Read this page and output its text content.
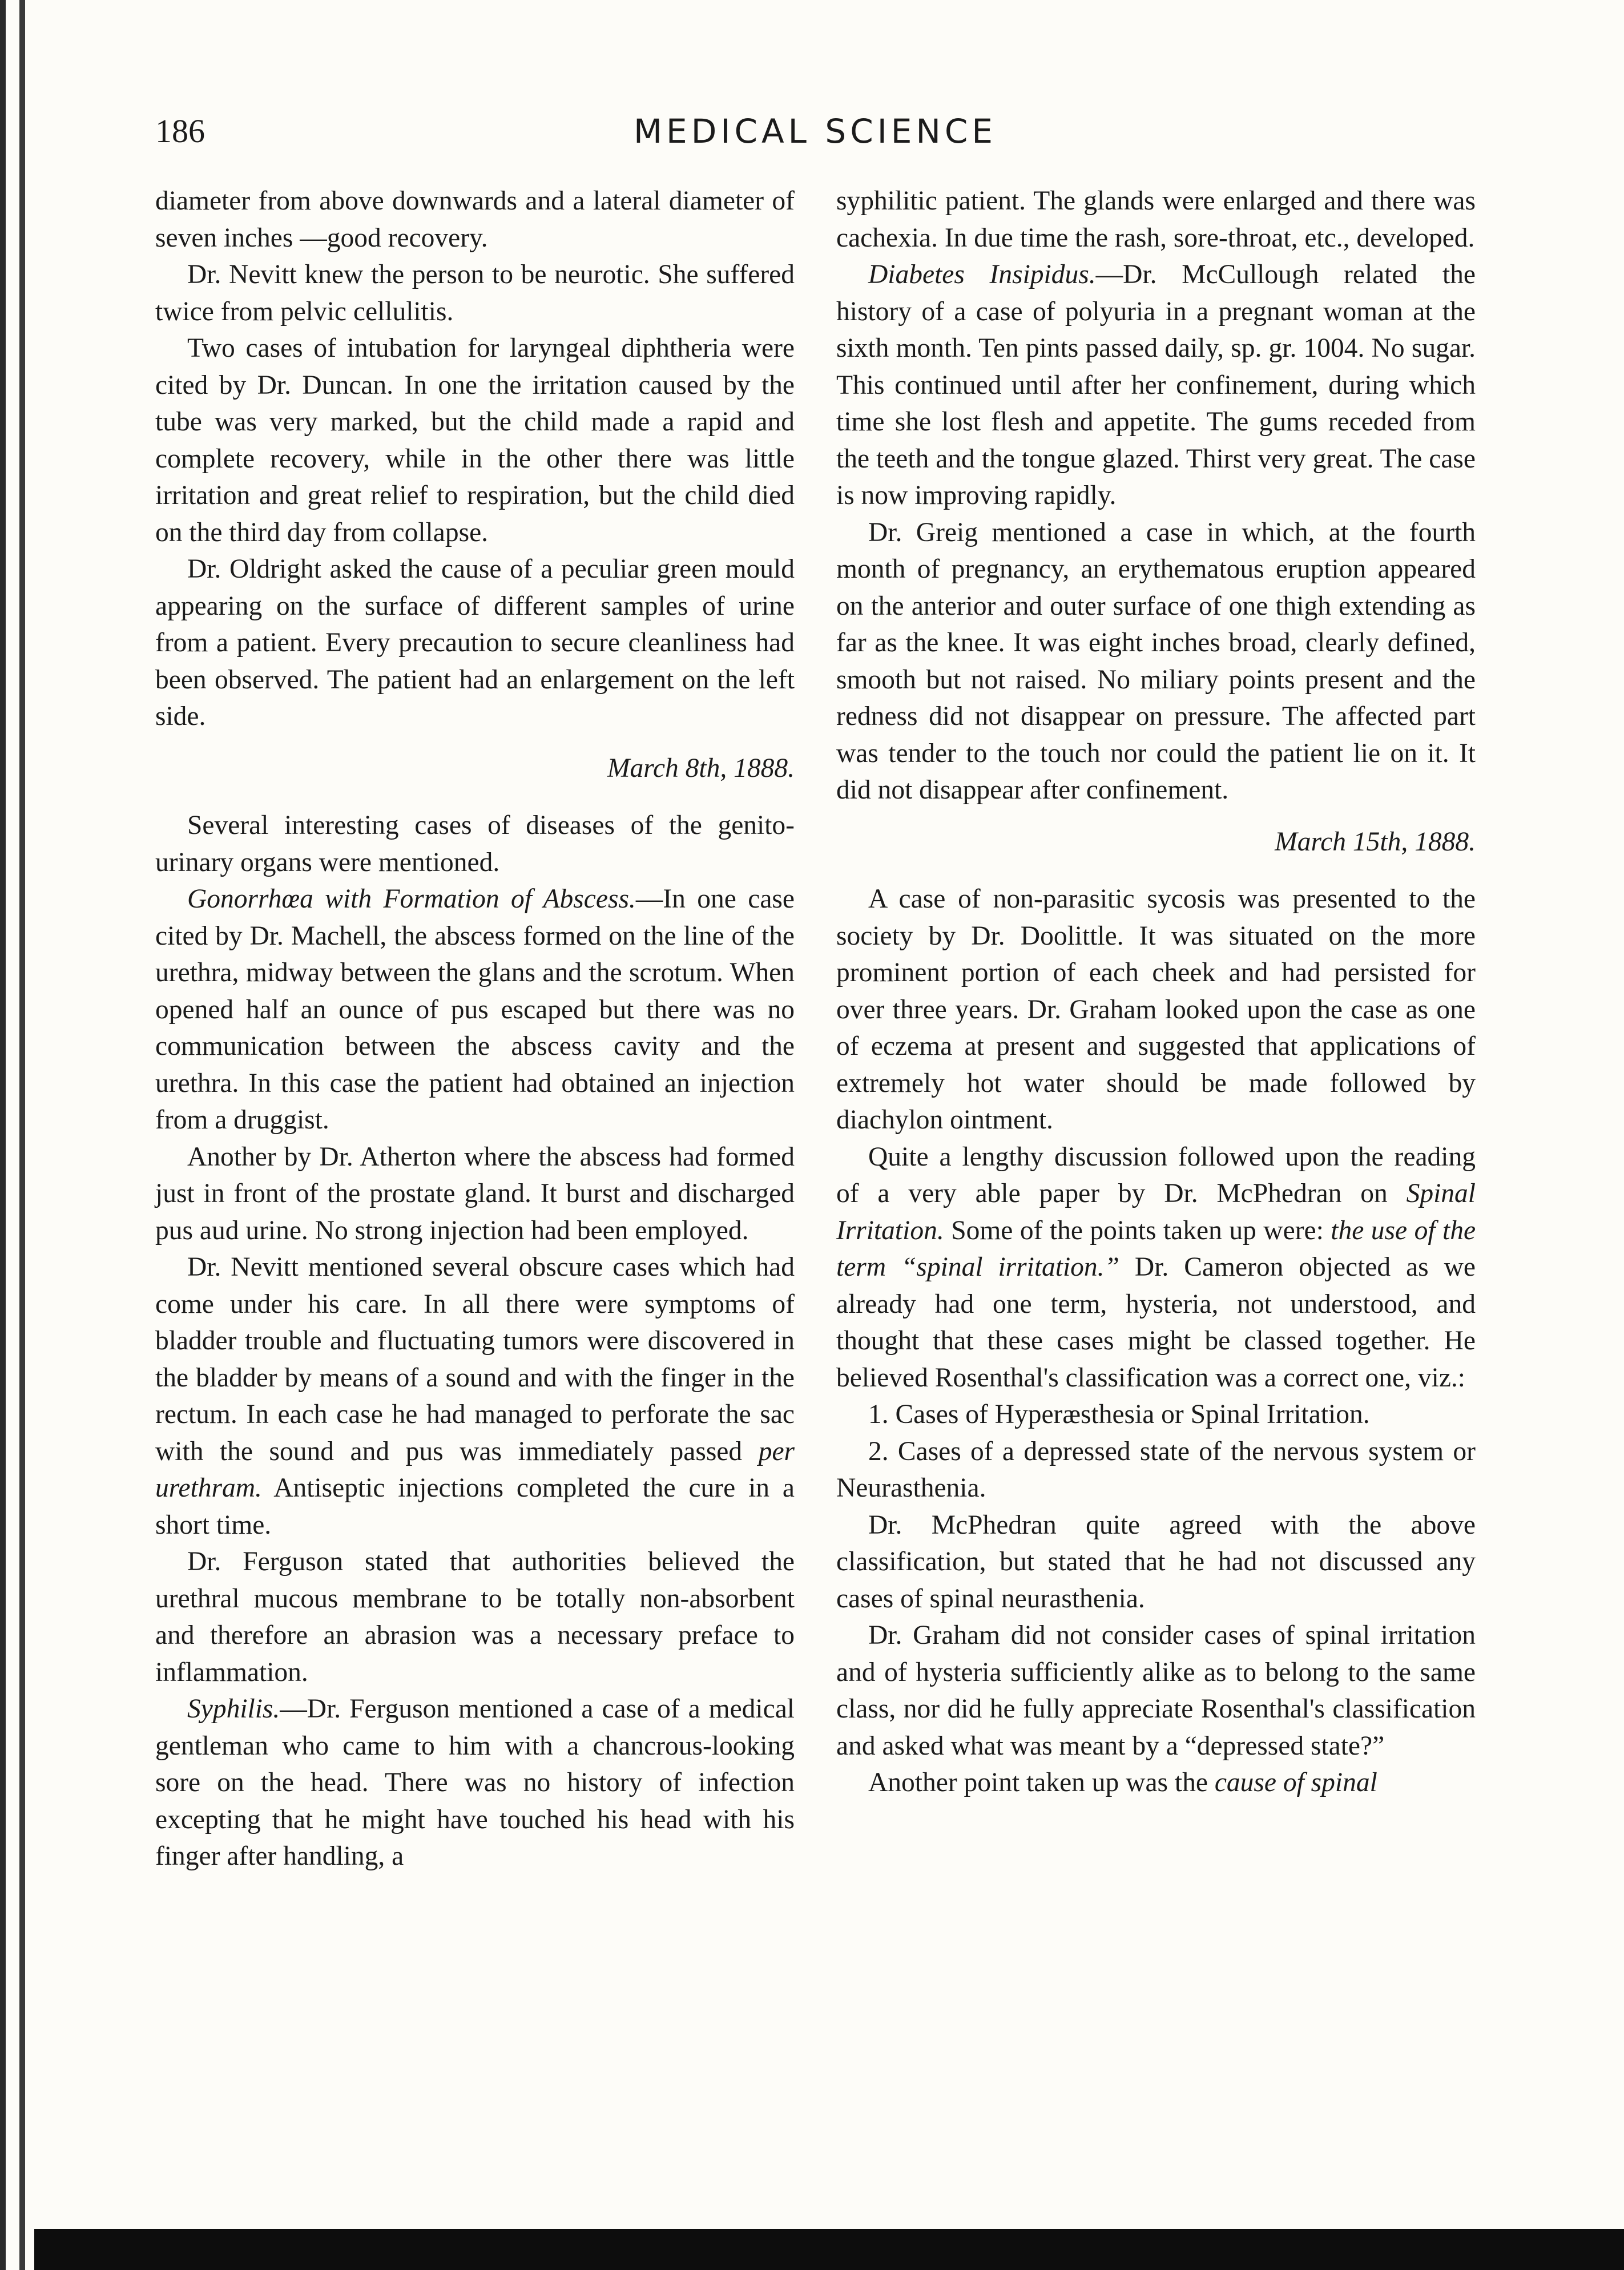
186	MEDICAL SCIENCE

diameter from above downwards and a lateral diameter of seven inches —good recovery.

Dr. Nevitt knew the person to be neurotic. She suffered twice from pelvic cellulitis.

Two cases of intubation for laryngeal diphtheria were cited by Dr. Duncan. In one the irritation caused by the tube was very marked, but the child made a rapid and complete recovery, while in the other there was little irritation and great relief to respiration, but the child died on the third day from collapse.

Dr. Oldright asked the cause of a peculiar green mould appearing on the surface of different samples of urine from a patient. Every precaution to secure cleanliness had been observed. The patient had an enlargement on the left side.

March 8th, 1888.

Several interesting cases of diseases of the genito-urinary organs were mentioned.

Gonorrhœa with Formation of Abscess.—In one case cited by Dr. Machell, the abscess formed on the line of the urethra, midway between the glans and the scrotum. When opened half an ounce of pus escaped but there was no communication between the abscess cavity and the urethra. In this case the patient had obtained an injection from a druggist.

Another by Dr. Atherton where the abscess had formed just in front of the prostate gland. It burst and discharged pus aud urine. No strong injection had been employed.

Dr. Nevitt mentioned several obscure cases which had come under his care. In all there were symptoms of bladder trouble and fluctuating tumors were discovered in the bladder by means of a sound and with the finger in the rectum. In each case he had managed to perforate the sac with the sound and pus was immediately passed per urethram. Antiseptic injections completed the cure in a short time.

Dr. Ferguson stated that authorities believed the urethral mucous membrane to be totally non-absorbent and therefore an abrasion was a necessary preface to inflammation.

Syphilis.—Dr. Ferguson mentioned a case of a medical gentleman who came to him with a chancrous-looking sore on the head. There was no history of infection excepting that he might have touched his head with his finger after handling, a

syphilitic patient. The glands were enlarged and there was cachexia. In due time the rash, sore-throat, etc., developed.

Diabetes Insipidus.—Dr. McCullough related the history of a case of polyuria in a pregnant woman at the sixth month. Ten pints passed daily, sp. gr. 1004. No sugar. This continued until after her confinement, during which time she lost flesh and appetite. The gums receded from the teeth and the tongue glazed. Thirst very great. The case is now improving rapidly.

Dr. Greig mentioned a case in which, at the fourth month of pregnancy, an erythematous eruption appeared on the anterior and outer surface of one thigh extending as far as the knee. It was eight inches broad, clearly defined, smooth but not raised. No miliary points present and the redness did not disappear on pressure. The affected part was tender to the touch nor could the patient lie on it. It did not disappear after confinement.

March 15th, 1888.

A case of non-parasitic sycosis was presented to the society by Dr. Doolittle. It was situated on the more prominent portion of each cheek and had persisted for over three years. Dr. Graham looked upon the case as one of eczema at present and suggested that applications of extremely hot water should be made followed by diachylon ointment.

Quite a lengthy discussion followed upon the reading of a very able paper by Dr. McPhedran on Spinal Irritation. Some of the points taken up were: the use of the term “spinal irritation.” Dr. Cameron objected as we already had one term, hysteria, not understood, and thought that these cases might be classed together. He believed Rosenthal's classification was a correct one, viz.:

1. Cases of Hyperæsthesia or Spinal Irritation.

2. Cases of a depressed state of the nervous system or Neurasthenia.

Dr. McPhedran quite agreed with the above classification, but stated that he had not discussed any cases of spinal neurasthenia.

Dr. Graham did not consider cases of spinal irritation and of hysteria sufficiently alike as to belong to the same class, nor did he fully appreciate Rosenthal's classification and asked what was meant by a “depressed state?”

Another point taken up was the cause of spinal
